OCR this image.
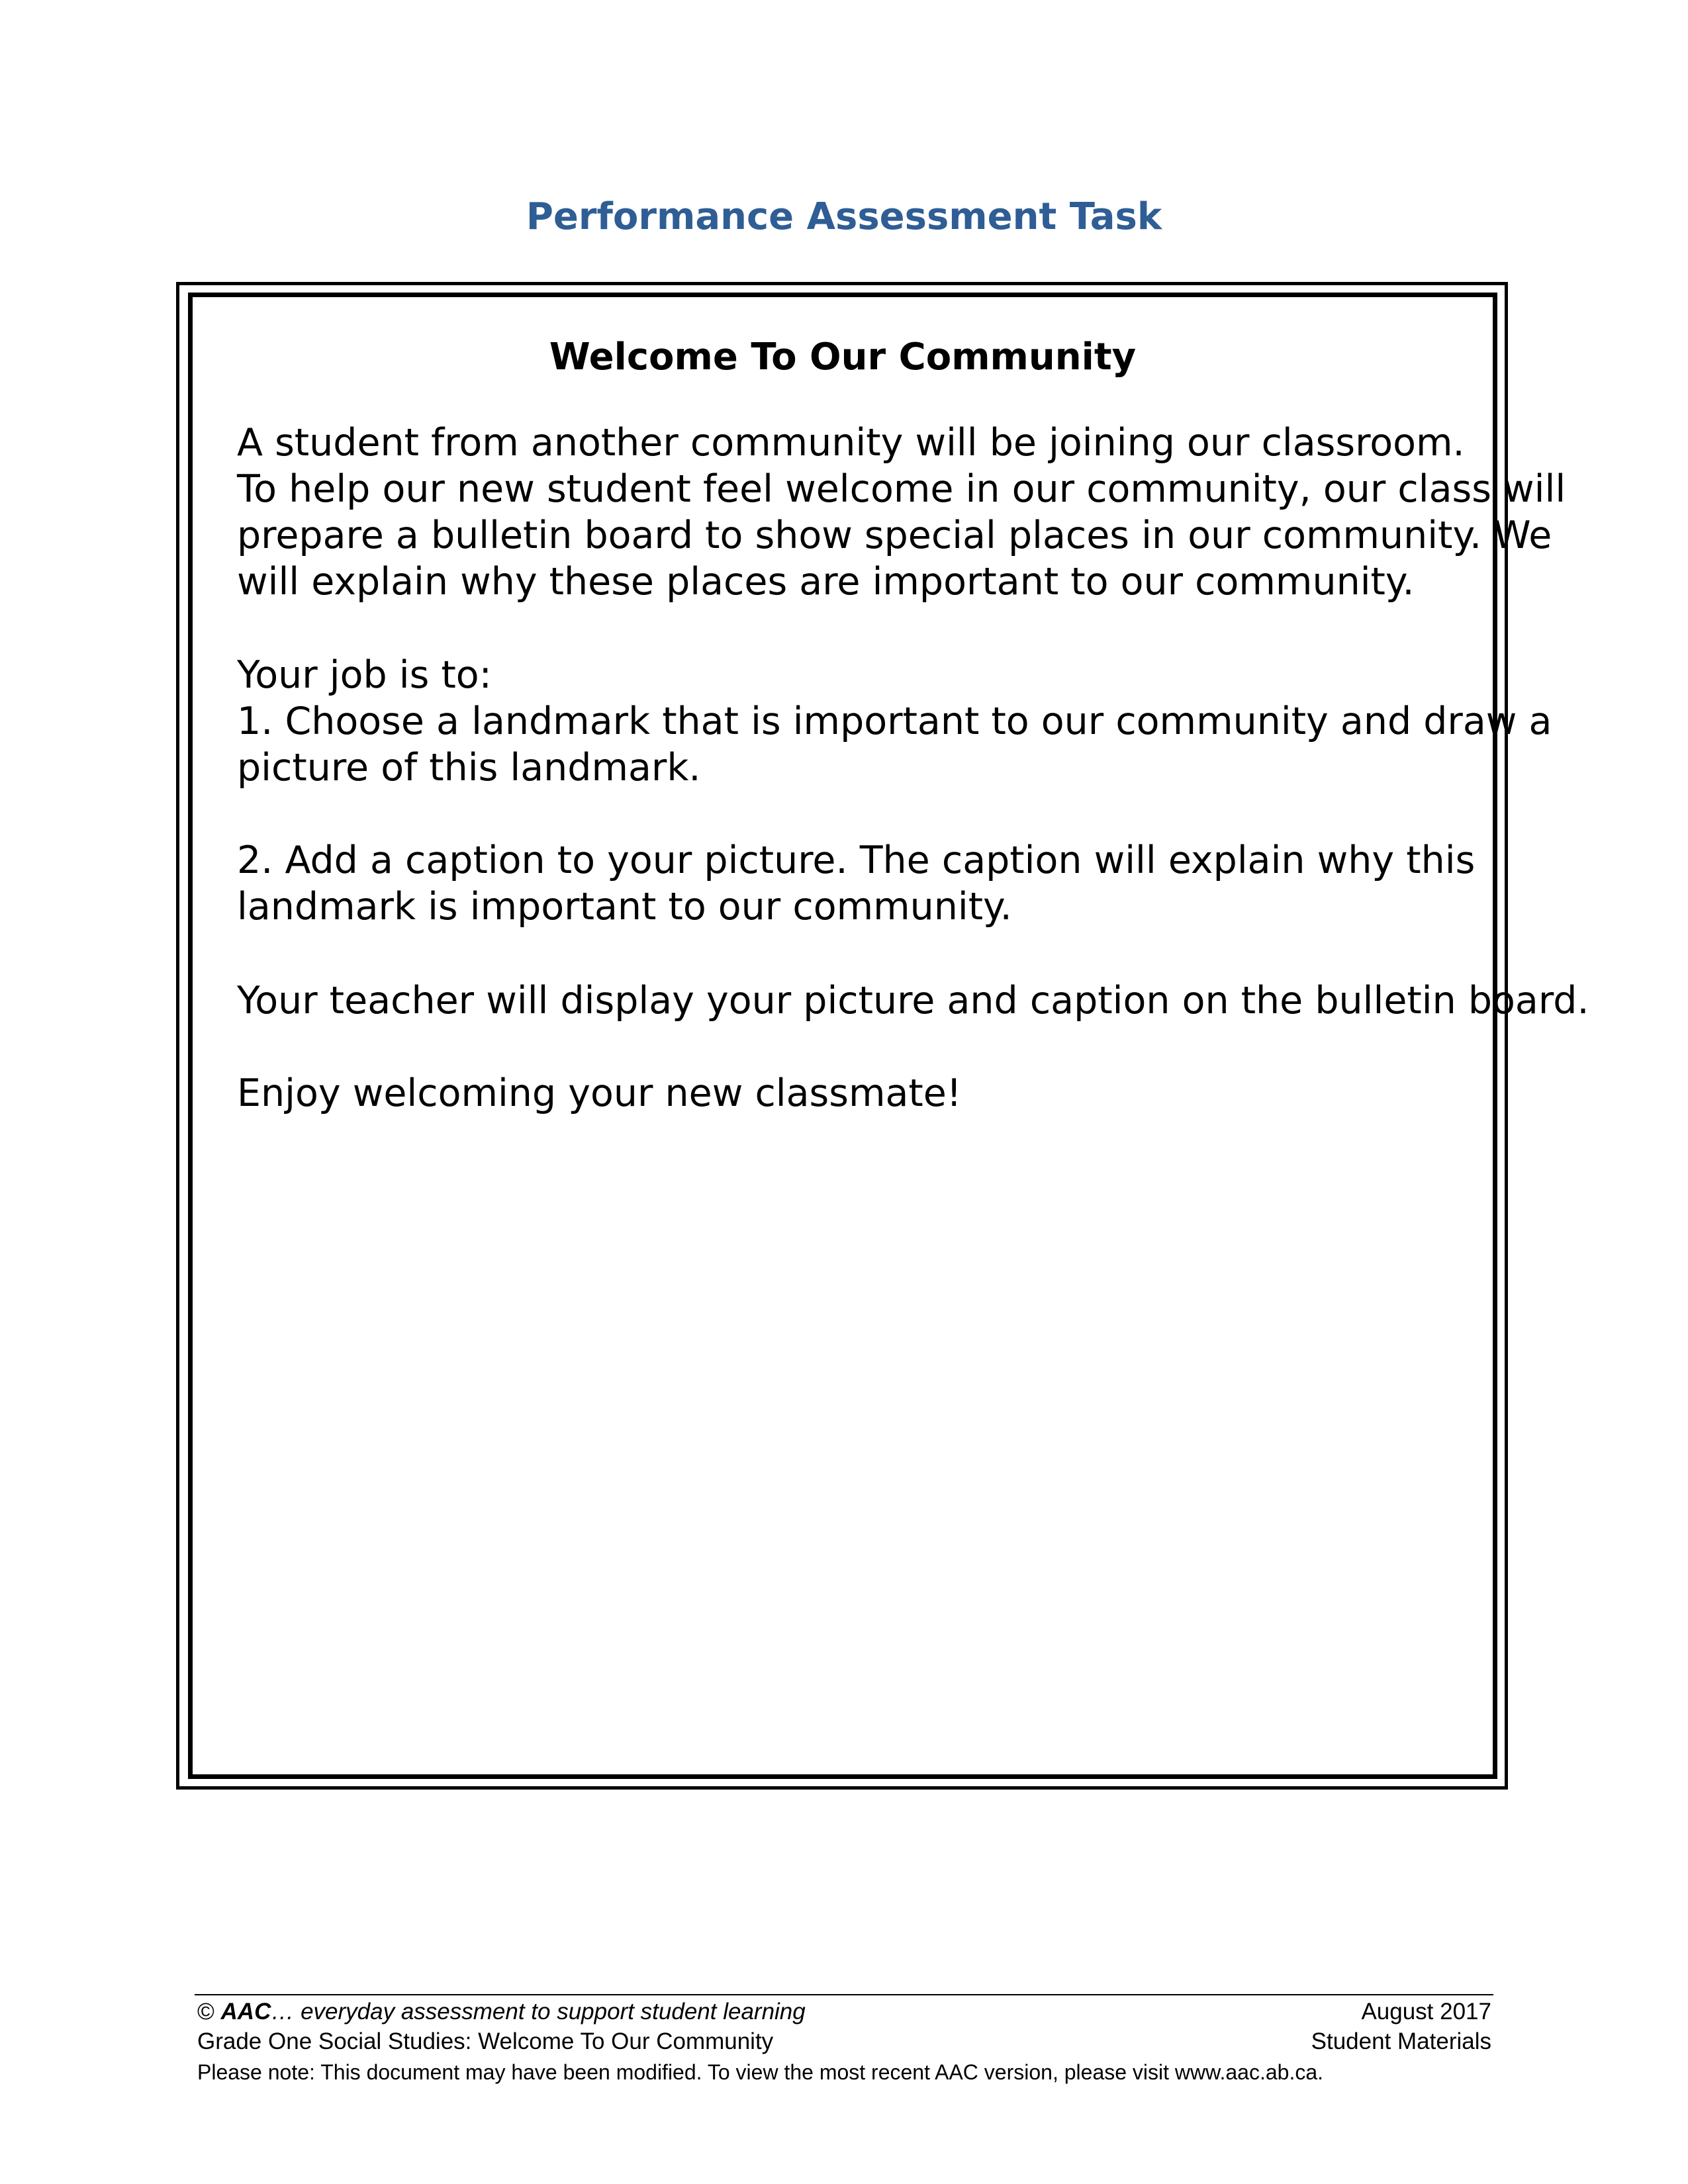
Performance Assessment Task
Welcome To Our Community
A student from another community will be joining our classroom.
To help our new student feel welcome in our community, our class will
prepare a bulletin board to show special places in our community. We
will explain why these places are important to our community.
Your job is to:
1. Choose a landmark that is important to our community and draw a
picture of this landmark.
2. Add a caption to your picture. The caption will explain why this
landmark is important to our community.
Your teacher will display your picture and caption on the bulletin board.
Enjoy welcoming your new classmate!
© AAC… everyday assessment to support student learning	August 2017
Grade One Social Studies: Welcome To Our Community	Student Materials
Please note: This document may have been modified. To view the most recent AAC version, please visit www.aac.ab.ca.
